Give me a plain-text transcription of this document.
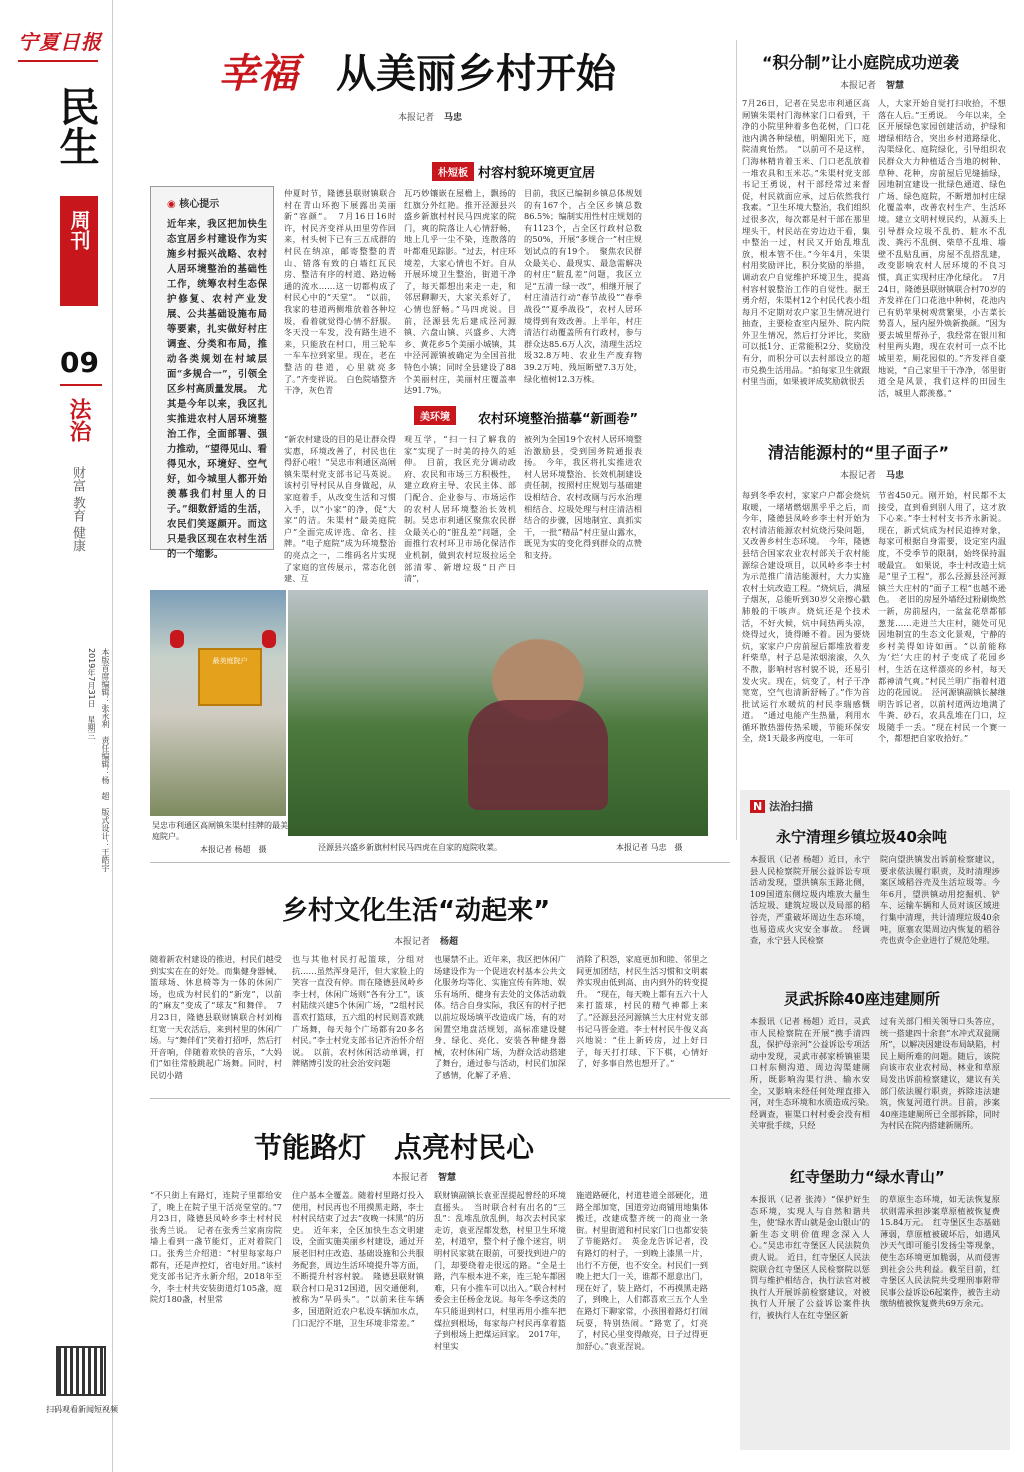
宁夏日报
民生
周刊
09
法治
财富 教育 健康
本版首席编辑：张永利　责任编辑：杨　超　版式设计：王皓宇
2019年7月31日　星期三
扫码观看新闻短视频
幸福 从美丽乡村开始
本报记者 马忠
◉ 核心提示
近年来，我区把加快生态宜居乡村建设作为实施乡村振兴战略、农村人居环境整治的基础性工作，统筹农村生态保护修复、农村产业发展、公共基础设施布局等要素，扎实做好村庄调查、分类和布局，推动各类规划在村域层面“多规合一”，引领全区乡村高质量发展。　尤其是今年以来，我区扎实推进农村人居环境整治工作，全面部署、强力推动，“望得见山、看得见水，环境好、空气好，如今城里人都开始羡慕我们村里人的日子。”细数舒适的生活，农民们笑逐颜开。而这只是我区现在农村生活的一个缩影。
朴短板 村容村貌环境更宜居
仲夏时节，隆德县联财镇联合村在青山环抱下展露出美丽新“容颜”。　7月16日16时许，村民齐变祥从田里劳作回来，村头树下已有三五成群的村民在纳凉，邮寄整整的青山、错落有致的白墙红瓦民房、整洁有序的村道、路边畅通的流水……这一切都构成了村民心中的“天堂”。　“以前，我家的巷道两侧堆放着各种垃圾，看着就觉得心情不舒服。冬天没一车发，没有路生进不来，只能放在村口，用三轮车一车车拉到家里。现在，老在整洁的巷道，心里就亮多了。”齐变祥说。　白色院墙整齐干净，灰色青
瓦巧妙镶嵌在屋檐上，飘扬的红旗分外红艳。推开泾源县兴盛乡新旗村村民马四虎家的院门，爽的院落让人心情舒畅，地上几乎一尘不染，连散落的叶都难见踪影。“过去，村庄环境差，大家心情也不好。自从开展环境卫生整治，街道干净了，每天都想出来走一走，和邻居聊聊天，大家关系好了，心情也舒畅。”马四虎说。目前，泾源县先后建成泾河源镇、六盘山镇、兴盛乡、大湾乡、黄花乡5个美丽小城镇，其中泾河源镇被确定为全国首批特色小镇；同时全县建设了88个美丽村庄，美丽村庄覆盖率达91.7%。
目前，我区已编制乡镇总体规划的有167个，占全区乡镇总数86.5%；编制实用性村庄规划的有1123个，占全区行政村总数的50%，开展“多规合一”村庄规划试点的有19个。　聚焦农民群众最关心、最现实、最急需解决的村庄“脏乱差”问题，我区立足“五清一绿一改”，相继开展了村庄清洁行动“春节战役”“春季战役”“夏季战役”，农村人居环境得到有效改善。上半年，村庄清洁行动覆盖所有行政村，参与群众达85.6万人次，清理生活垃圾32.8万吨、农业生产废弃物39.2万吨、残垣断壁7.3万处，绿化植树12.3万株。
美环境	农村环境整治描摹“新画卷”
“新农村建设的目的是让群众得实惠，环境改善了，村民也住得舒心啦！”吴忠市利通区高闸镇朱渠村党支部书记马英说。该村引导村民从自身做起，从家庭着手，从改变生活和习惯入手，以“小家”的净，促“大家”的洁。朱渠村“最美庭院户”全面完成评选、命名、挂牌。“电子庭院”成为环境整治的亮点之一，二维码名片实现了家庭的宣传展示，常态化创建、互
观互学，“扫一扫了解我的家”实现了一时美的持久的延伸。　目前，我区充分调动政府、农民和市场三方积极性，建立政府主导、农民主体、部门配合、企业参与、市场运作的农村人居环境整治长效机制。吴忠市利通区聚焦农民群众最关心的“脏乱差”问题，全面推行农村环卫市场化保洁作业机制，做到农村垃圾拉运全部清零、新增垃圾“日产日清”，
被列为全国19个农村人居环境整治激励县，受到国务院通报表扬。　今年，我区将扎实推进农村人居环境整治、长效机制建设责任制，按照村庄规划与基础建设相结合、农村改厕与污水治理相结合、垃圾处理与村庄清洁相结合的步骤，因地制宜、真抓实干，一批“精品”村庄显山露水，既见为实的变化得到群众的点赞和支持。
最美庭院户
吴忠市利通区高闸镇朱渠村挂牌的最美庭院户。
本报记者 杨超　摄	泾源县兴盛乡新旗村村民马四虎在自家的庭院收菜。	本报记者 马忠　摄
“积分制”让小庭院成功逆袭
本报记者 智慧
7月26日，记者在吴忠市利通区高闸镇朱渠村门海林家门口看到，干净的小院里种着多色花树，门口花池内满各种绿植，明媚阳光下，庭院清爽怡然。　“以前可不是这样，门海林精肯着玉米、门口老乱放着一堆农具和玉米芯。”朱渠村党支部书记王勇说，村干部经常过来督促，村民就面应承，过后依然我行我素。“卫生环境大整治，我们组织过很多次，每次都是村干部在那里埋头干，村民站在旁边边干看，集中整治一过，村民又开始乱堆乱放，根本管不住。”今年4月，朱渠村用奖励评比，积分奖励的举措，调动农户自觉维护环境卫生，提高村容村貌整治工作的自觉性。据王勇介绍，朱渠村12个村民代表小组每月不定期对农户家卫生情况进行抽查，主要检查室内屋外、院内院外卫生情况，然后打分评比，奖励可以抵1分、正常能积2分、奖励没有分，而积分可以去村部设立的超市兑换生活用品。“拍每家卫生就跟村里当面，如果被评成奖励就很丢
人，大家开始自觉打扫收拾，不想落在人后。”王勇说。　今年以来，全区开展绿色家园创建活动，护绿和增绿相结合，突出乡村道路绿化、沟渠绿化、庭院绿化，引导组织农民群众大力种植适合当地的树种、草种、花种，房前屋后见缝插绿，因地制宜建设一批绿色通道、绿色广场、绿色庭院，不断增加村庄绿化覆盖率，改善农村生产、生活环境。建立文明村规民约，从源头上引导群众垃圾不乱扔、脏水不乱泼、粪污不乱倒、柴草不乱堆、墙壁不乱贴乱画，房屋不乱搭乱建，改变影响农村人居环境的不良习惯，真正实现村庄净化绿化。　7月24日，隆德县联财镇联合村70岁的齐发祥在门口花池中种树，花池内已有奶苹果树观赏繁果，小吉菜长势喜人，屋内屋外焕新换颜。“因为要去城里帮孙子，我经常在银川和村里两头跑，现在农村可一点不比城里差，厕花园似的。”齐发祥自豪地说，“自己家里干干净净，邻里街道全是风景，我们这样的田园生活，城里人都羡慕。”
清洁能源村的“里子面子”
本报记者 马忠
每到冬季农村，家家户户都会烧炕取暖，一堵堵燃烟黑乎乎之后，而今年，隆德县凤岭乡李士村开始为农村清洁能源农村炕烧污染问题，又改善乡村生态环境。　今年，隆德县结合国家农业农村部关于农村能源综合建设项目，以风岭乡李士村为示范推广清洁能源村，大力实施农村土炕改造工程。“烧炕后，满屋子烟灰，总能听到30岁父亲擦心戳肺般的干咳声。烧炕还是个技术活，不好火候，炕中间热两头凉，烧得过火，烫得睡不着。因为要烧炕，家家户户房前屋后都堆放着麦秆柴草，村子总是浓烟滚滚，久久不散，影响村容村貌不说，还易引发火灾。现在，炕变了，村子干净宽宽，空气也清新舒畅了。”作为首批试运行水暖炕的村民李瑞感慨道。　“通过电能产生热量，利用水循环散热器传热采暖，节能环保安全，烧1天最多两度电，一年可
节省450元。刚开始，村民都不太接受，直到看到别人用了，这才放下心来。”李士村村支书齐永新说。现在，新式炕成为村民追捧对象，每家可根据自身需要，设定室内温度，不受季节的限制，始终保持温暖最宜。　如果说，李士村改造土炕是“里子工程”，那么泾源县泾河源镇兰大庄村的“面子工程”也越不逊色。　老旧的房屋外墙经过粉刷焕然一新，房前屋内，一盆盆花草都郁葱茏……走进兰大庄村，随处可见因地制宜的生态文化景观，宁静的乡村美得如诗如画。“以前能称为‘烂’大庄的村子变成了花园乡村，生活在这样漂亮的乡村，每天都神清气爽。”村民兰明广指着村道边的花园说。　泾河源镇副镇长赫继明告诉记者，以前村道两边地满了牛粪、砂石，农具乱堆在门口，垃圾随手一丢。“现在村民一个赛一个，都想把自家收拾好。”
乡村文化生活“动起来”
本报记者 杨超
随着新农村建设的推进，村民们越受到实实在在的好处。而集健身器械、篮球场、休息椅等为一体的休闲广场，也成为村民们的“新宠”，以前的“麻友”变成了“球友”和舞伴。　7月23日，隆德县联财镇联合村刘梅红宽一天农活后，来到村里的休闲广场。与“舞伴们”笑着打招呼，然后打开音响，伴随着欢快的音乐，“大妈们”如往常般跳起广场舞。同时，村民切小踏
也与其他村民打起篮球，分组对抗……虽然浑身是汗，但大家脸上的笑容一直没有停。而在隆德县凤岭乡李士村，休闲广场则“各有分工”，该村陆续兴建5个休闲广场，“2组村民喜欢打篮球，五六组的村民则喜欢跳广场舞，每天每个广场都有20多名村民。”李士村党支部书记齐治怀介绍说。　以前，农村休闲活动单调，打牌赌博引发的社会治安问题
也屡禁不止。近年来，我区把休闲广场建设作为一个促进农村基本公共文化服务均等化、实施宜传有阵地、娱乐有场所、健身有去处的文体活动载体。结合自身实际，我区有的村子把以前垃圾场填平改造成广场，有的对闲置空地盘活规划，高标准建设健身、绿化、亮化、安装各种健身器械，农村休闲广场，为群众活动搭建了舞台，通过参与活动，村民们加深了感情，化解了矛盾、
消除了积怨，家庭更加和睦、邻里之间更加团结，村民生活习惯和文明素养实现由低到高、由内到外的转变提升。　“现在，每天晚上都有五六十人来打篮球，村民的精气神都上来了。”泾源县泾河源镇兰大庄村党支部书记马晋金道。李士村村民牛俊义高兴地说：“住上新砖房，过上好日子，每天打打球、下下棋，心情好了，好多事自然也想开了。”
节能路灯　点亮村民心
本报记者 智慧
“不只街上有路灯，连院子里都给安了，晚上在院子里干活亮堂堂的。”7月23日，隆德县凤岭乡李士村村民张秀兰说。　记者在张秀兰家南房院墙上看到一盏节能灯，正对着院门口。张秀兰介绍道：“村里每家每户都有，还是声控灯，省电好用。”该村党支部书记齐永新介绍，2018年至今，李士村共安装街道灯105盏，庭院灯180盏，村里常
住户基本全覆盖。随着村里路灯投入使用，村民再也不用摸黑走路，李士村村民结束了过去“夜晚一抹黑”的历史。　近年来，全区加快生态文明建设，全面实施美丽乡村建设，通过开展老旧村庄改造、基础设施和公共服务配套，周边生活环境提升等方面，不断提升村容村貌。　隆德县联财镇联合村口是312国道，因交通便利，被称为“旱码头”。“以前来往车辆多，国道附近农户私设车辆加水点，门口泥泞不堪，卫生环境非常差。”
联财镇副镇长袁亚涅提起曾经的环境直摇头。　当时联合村有出名的“三乱”：乱堆乱放乱倒，每次去村民家走访，袁亚涅都发愁，村里卫生环境差，村道窄，整个村子像个迷宫，明明村民家就在眼前，可要找到进户的门，却要绕着走很远的路。“全是土路，汽车根本进不来，连三轮车都困难，只有小推车可以出入。”联合村村委会主任杨金龙说。每年冬季这类的车只能退到村口，村里再用小推车把煤拉到根场，每家每户村民再拿着篮子到根场上把煤运回家。　2017年，村里实
施道路硬化，村道巷道全部硬化，道路全部加宽，国道旁边商铺用地集体搬迁，改建成整齐统一的商业一条街。村里街道和村民家门口也都安装了节能路灯。　英金龙告诉记者，没有路灯的村子，一到晚上漆黑一片，出行不方便，也不安全。村民们一到晚上把大门一关，谁都不愿意出门，现在好了，装上路灯，不再摸黑走路了，到晚上，人们都喜欢三五个人坐在路灯下聊家常，小孩围着路灯打闹玩耍，特别热闹。“路宽了，灯亮了，村民心里变得敞亮，日子过得更加舒心。”袁亚涅说。
N 法治扫描
永宁清理乡镇垃圾40余吨
本报讯（记者 杨超）近日，永宁县人民检察院开展公益诉讼专项活动发现，望洪镇东玉路北侧，109国道东侧垃圾内堆放大量生活垃圾、建筑垃圾以及局部的稻谷壳，严重破坏周边生态环境，也易造成火灾安全事故。　经调查，永宁县人民检察
院向望洪镇发出诉前检察建议，要求依法履行职责，及时清理涉案区域稻谷壳及生活垃圾等。今年6月，望洪镇动用挖掘机、铲车、运输车辆和人员对该区域进行集中清理，共计清理垃圾40余吨，原塞农渠周边内恢复的稻谷壳也责令企业进行了规范处理。
灵武拆除40座违建厕所
本报讯（记者 杨超）近日，灵武市人民检察院在开展“携手清四乱，保护母亲河”公益诉讼专项活动中发现，灵武市郝家桥镇崔渠口村东侧沟道、周边沟渠建厕所，既影响沟渠行洪、输水安全，又影响未经任何处理直排入河，对生态环境和水质造成污染。　经调查，崔渠口村村委会没有相关审批手续，只经
过有关部门相关领导口头答应，统一搭建四十余套“水冲式双瓮厕所”，以解决因建设布局缺陷，村民上厕所难的问题。随后，该院向该市农业农村局、林业和草原局发出诉前检察建议，建议有关部门依法履行职责，拆除违法建筑，恢复河道行洪。目前，涉案40座违建厕所已全部拆除，同时为村民在院内搭建新厕所。
红寺堡助力“绿水青山”
本报讯（记者 张涛）“保护好生态环境，实现人与自然和谐共生，使‘绿水青山就是金山银山’的新生态文明价值理念深入人心。”吴忠市红寺堡区人民法院负责人说。　近日，红寺堡区人民法院联合红寺堡区人民检察院以惩罚与维护相结合，执行法官对被执行人开展诉前检察建议，对被执行人开展了公益诉讼案件执行，被执行人在红寺堡区新
的草原生态环境，如无法恢复原状则需承担涉案草原植被恢复费15.84万元。　红寺堡区生态基础薄弱，草原植被破坏后，如遇风沙天气即可能引发扬尘等现象，使生态环境更加脆弱，从而侵害到社会公共利益。截至目前，红寺堡区人民法院共受理刑事附带民事公益诉讼6起案件，被告主动缴纳植被恢复费共69万余元。
